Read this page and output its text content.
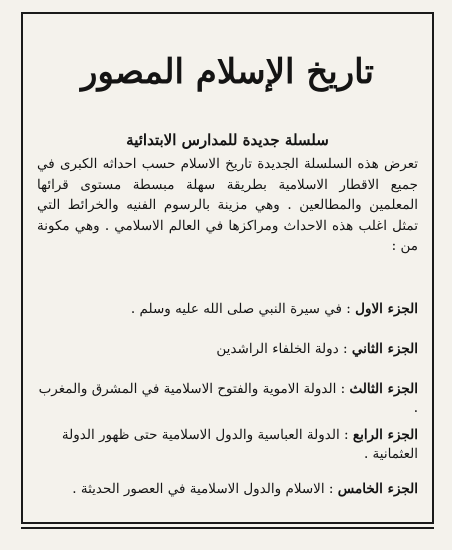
تاريخ الإسلام المصور
سلسلة جديدة للمدارس الابتدائية

تعرض هذه السلسلة الجديدة تاريخ الاسلام حسب احداثه الكبرى في جميع الاقطار الاسلامية بطريقة سهلة مبسطة مستوى قرائها المعلمين والمطالعين . وهي مزينة بالرسوم الفنيه والخرائط التي تمثل اغلب هذه الاحداث ومراكزها في العالم الاسلامي . وهي مكونة من :

الجزء الاول : في سيرة النبي صلى الله عليه وسلم .

الجزء الثاني : دولة الخلفاء الراشدين

الجزء الثالث : الدولة الاموية والفتوح الاسلامية في المشرق والمغرب .

الجزء الرابع : الدولة العباسية والدول الاسلامية حتى ظهور الدولة العثمانية .

الجزء الخامس : الاسلام والدول الاسلامية في العصور الحديثة .
